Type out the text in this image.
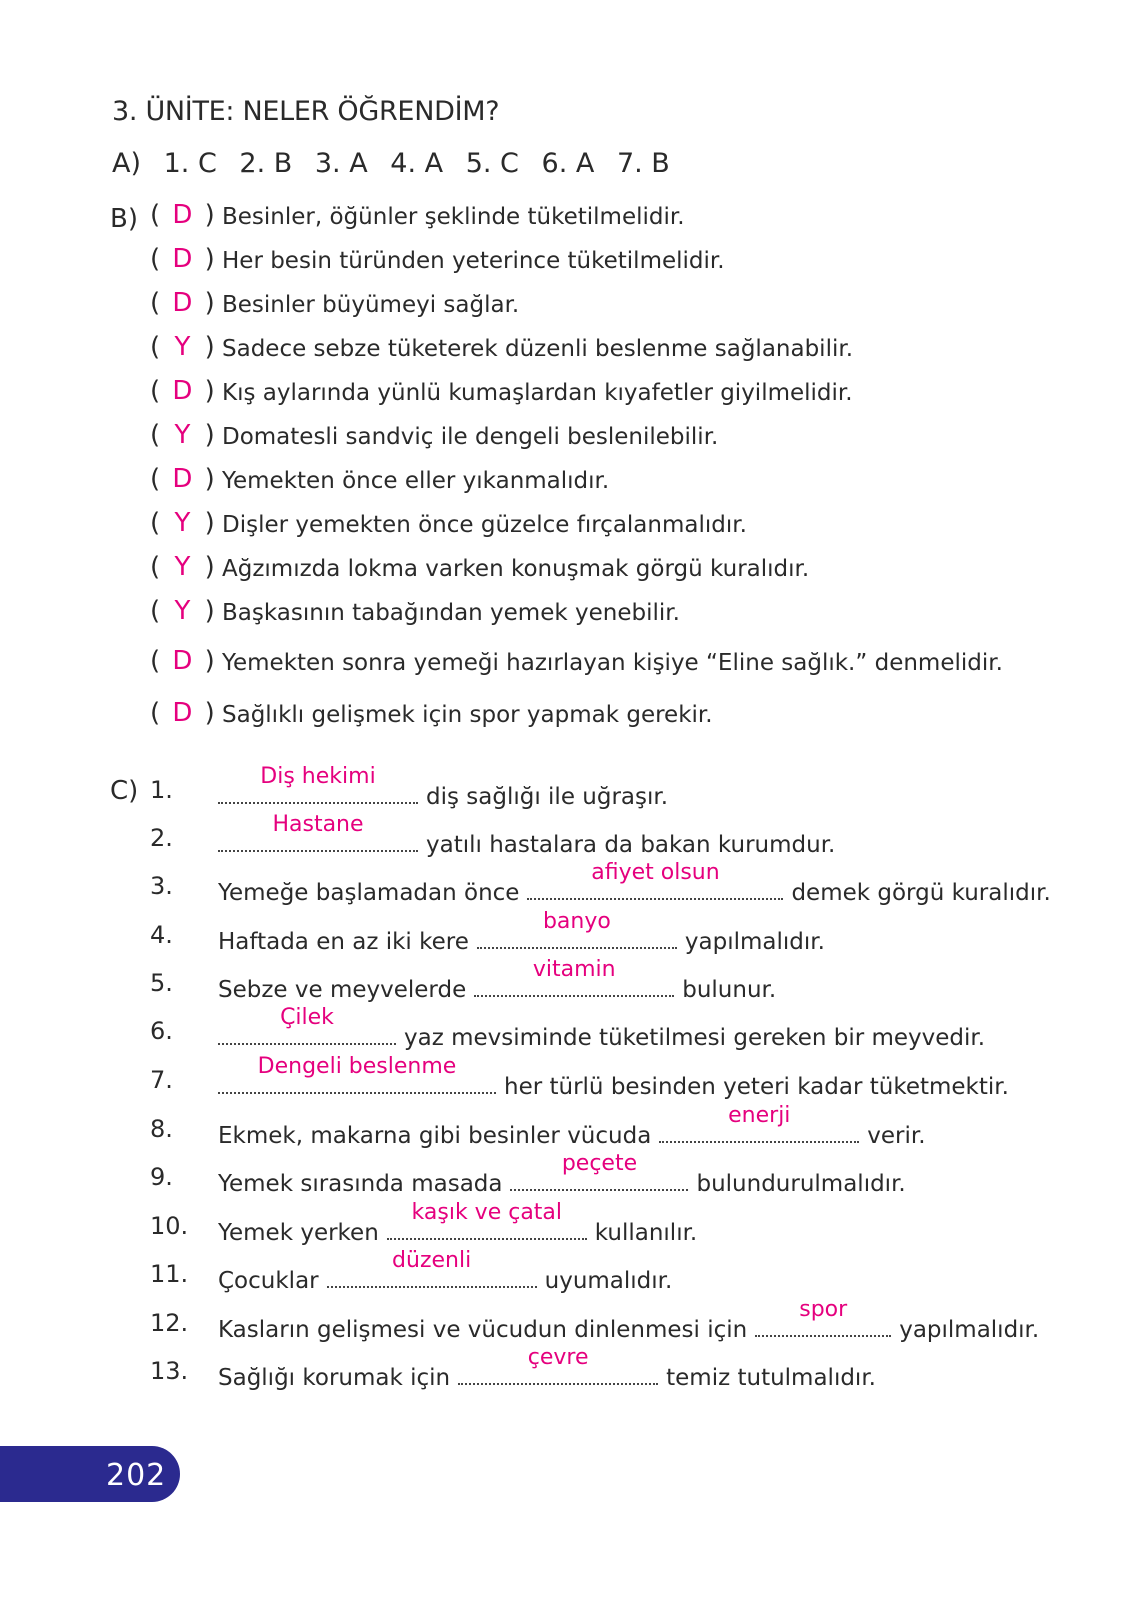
3. ÜNİTE: NELER ÖĞRENDİM?
A) 1. C 2. B 3. A 4. A 5. C 6. A 7. B
B) ( D ) Besinler, öğünler şeklinde tüketilmelidir.
( D ) Her besin türünden yeterince tüketilmelidir.
( D ) Besinler büyümeyi sağlar.
( Y ) Sadece sebze tüketerek düzenli beslenme sağlanabilir.
( D ) Kış aylarında yünlü kumaşlardan kıyafetler giyilmelidir.
( Y ) Domatesli sandviç ile dengeli beslenilebilir.
( D ) Yemekten önce eller yıkanmalıdır.
( Y ) Dişler yemekten önce güzelce fırçalanmalıdır.
( Y ) Ağzımızda lokma varken konuşmak görgü kuralıdır.
( Y ) Başkasının tabağından yemek yenebilir.
( D ) Yemekten sonra yemeği hazırlayan kişiye “Eline sağlık.” denmelidir.
( D ) Sağlıklı gelişmek için spor yapmak gerekir.
C) 1.	Diş hekimi
diş sağlığı ile uğraşır.
2.	Hastane
yatılı hastalara da bakan kurumdur.
3.	Yemeğe başlamadan önce
afiyet olsun
demek görgü kuralıdır.
4.	Haftada en az iki kere
banyo
yapılmalıdır.
5.	Sebze ve meyvelerde
vitamin
bulunur.
6.	Çilek
yaz mevsiminde tüketilmesi gereken bir meyvedir.
7.	Dengeli beslenme
her türlü besinden yeteri kadar tüketmektir.
8.	Ekmek, makarna gibi besinler vücuda
enerji
verir.
9.	Yemek sırasında masada
peçete
bulundurulmalıdır.
10.	Yemek yerken
kaşık ve çatal
kullanılır.
11.	Çocuklar
düzenli
uyumalıdır.
12.	Kasların gelişmesi ve vücudun dinlenmesi için
spor
yapılmalıdır.
13.	Sağlığı korumak için
çevre
temiz tutulmalıdır.
202
